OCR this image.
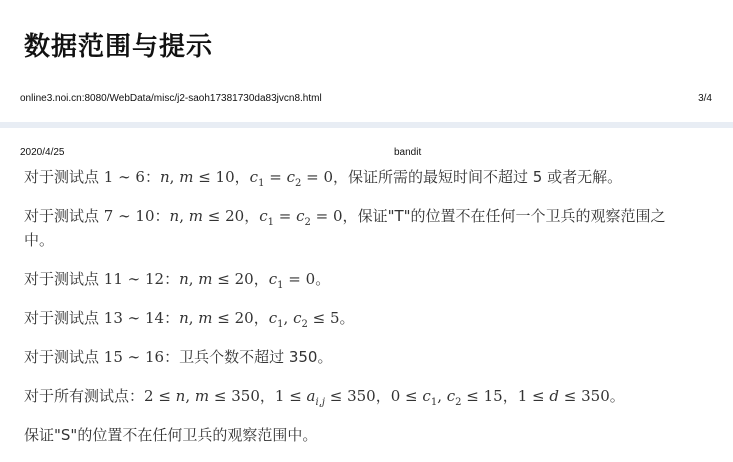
数据范围与提示
online3.noi.cn:8080/WebData/misc/j2-saoh17381730da83jvcn8.html	3/4
2020/4/25	bandit

对于测试点 1 ∼ 6：n, m ≤ 10，$c_1 = c_2 = 0$，保证所需的最短时间不超过 5 或者无解。

对于测试点 7 ∼ 10：n, m ≤ 20，$c_1 = c_2 = 0$，保证"T"的位置不在任何一个卫兵的观察范围之中。

对于测试点 11 ∼ 12：n, m ≤ 20，$c_1 = 0$。

对于测试点 13 ∼ 14：n, m ≤ 20，$c_1$, $c_2 \le 5$。

对于测试点 15 ∼ 16：卫兵个数不超过 350。

对于所有测试点：2 ≤ n, m ≤ 350，$1 \le a_{i,j} \le 350$，$0 \le c_1$, $c_2 \le 15$，1 ≤ d ≤ 350。

保证"S"的位置不在任何卫兵的观察范围中。
